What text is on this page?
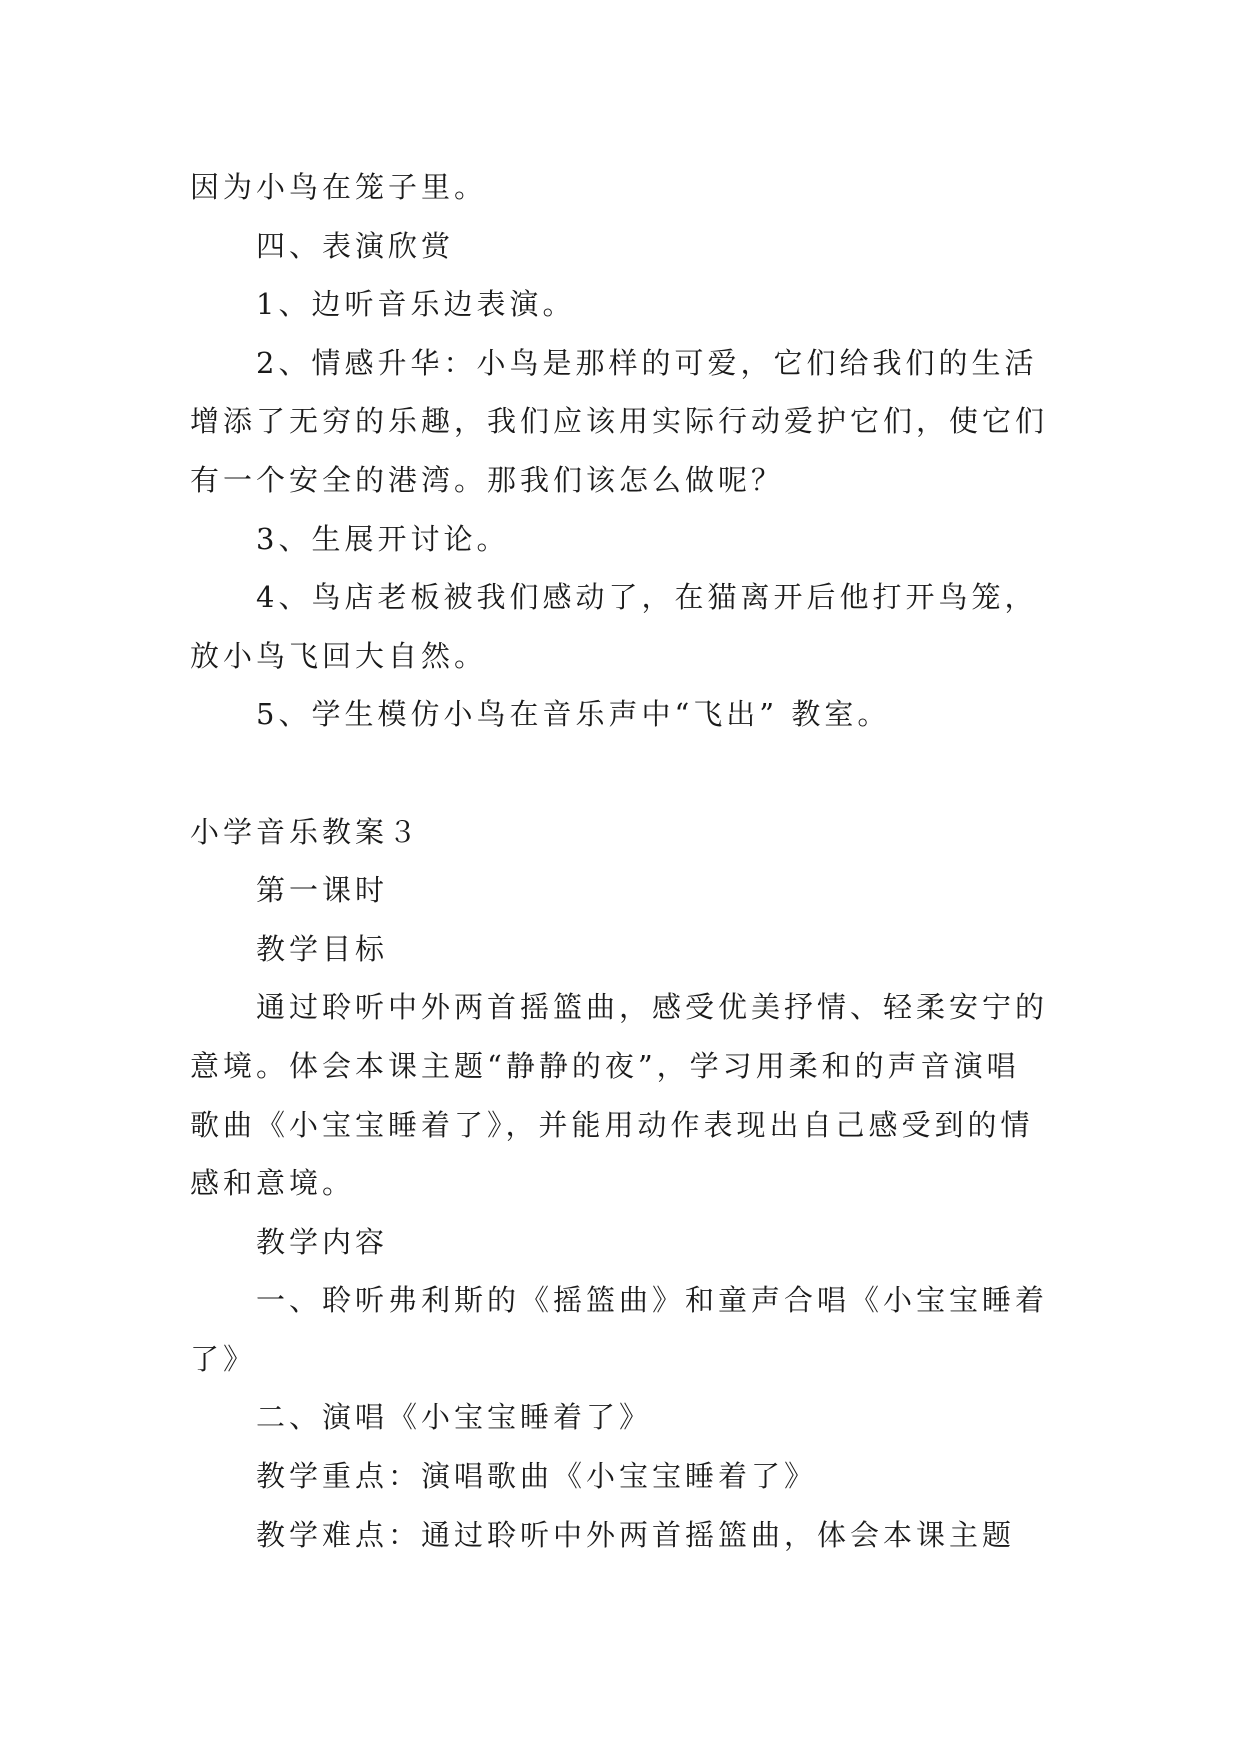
因为小鸟在笼子里。

四、表演欣赏

1、边听音乐边表演。

2、情感升华：小鸟是那样的可爱，它们给我们的生活

增添了无穷的乐趣，我们应该用实际行动爱护它们，使它们

有一个安全的港湾。那我们该怎么做呢？

3、生展开讨论。

4、鸟店老板被我们感动了，在猫离开后他打开鸟笼，

放小鸟飞回大自然。

5、学生模仿小鸟在音乐声中“飞出” 教室。

小学音乐教案３

第一课时

教学目标

通过聆听中外两首摇篮曲，感受优美抒情、轻柔安宁的

意境。体会本课主题“静静的夜”，学习用柔和的声音演唱

歌曲《小宝宝睡着了》，并能用动作表现出自己感受到的情

感和意境。

教学内容

一、聆听弗利斯的《摇篮曲》和童声合唱《小宝宝睡着

了》

二、演唱《小宝宝睡着了》

教学重点：演唱歌曲《小宝宝睡着了》

教学难点：通过聆听中外两首摇篮曲，体会本课主题
